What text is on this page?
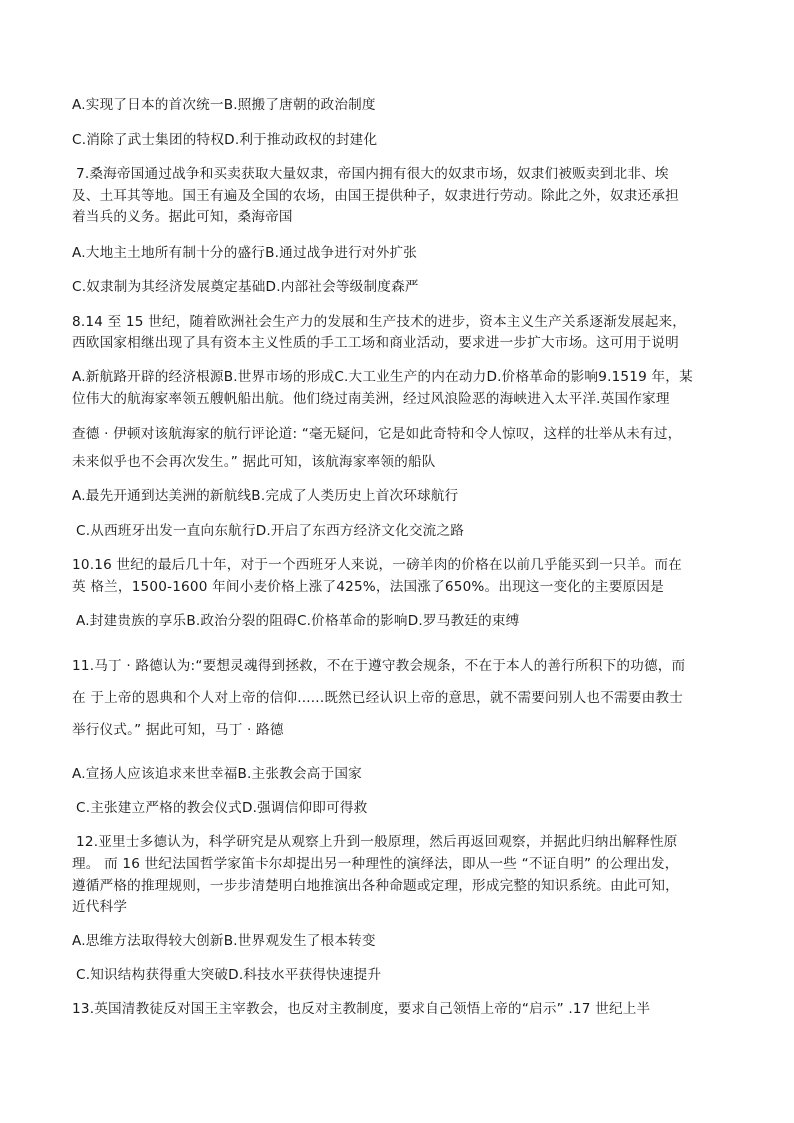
A.实现了日本的首次统一B.照搬了唐朝的政治制度
C.消除了武士集团的特权D.利于推动政权的封建化
7.桑海帝国通过战争和买卖获取大量奴隶，帝国内拥有很大的奴隶市场，奴隶们被贩卖到北非、埃
及、土耳其等地。国王有遍及全国的农场，由国王提供种子，奴隶进行劳动。除此之外，奴隶还承担
着当兵的义务。据此可知，桑海帝国
A.大地主土地所有制十分的盛行B.通过战争进行对外扩张
C.奴隶制为其经济发展奠定基础D.内部社会等级制度森严
8.14 至 15 世纪，随着欧洲社会生产力的发展和生产技术的进步，资本主义生产关系逐渐发展起来，
西欧国家相继出现了具有资本主义性质的手工工场和商业活动，要求进一步扩大市场。这可用于说明
A.新航路开辟的经济根源B.世界市场的形成C.大工业生产的内在动力D.价格革命的影响9.1519 年，某
位伟大的航海家率领五艘帆船出航。他们绕过南美洲，经过风浪险恶的海峡进入太平洋.英国作家理
查德 · 伊顿对该航海家的航行评论道: “毫无疑问，它是如此奇特和令人惊叹，这样的壮举从未有过，
未来似乎也不会再次发生。” 据此可知，该航海家率领的船队
A.最先开通到达美洲的新航线B.完成了人类历史上首次环球航行
C.从西班牙出发一直向东航行D.开启了东西方经济文化交流之路
10.16 世纪的最后几十年，对于一个西班牙人来说，一磅羊肉的价格在以前几乎能买到一只羊。而在
英 格兰，1500-1600 年间小麦价格上涨了425%，法国涨了650%。出现这一变化的主要原因是
A.封建贵族的享乐B.政治分裂的阻碍C.价格革命的影响D.罗马教廷的束缚
11.马丁 · 路德认为:“要想灵魂得到拯救，不在于遵守教会规条，不在于本人的善行所积下的功德，而
在 于上帝的恩典和个人对上帝的信仰......既然已经认识上帝的意思，就不需要问别人也不需要由教士
举行仪式。” 据此可知，马丁 · 路德
A.宣扬人应该追求来世幸福B.主张教会高于国家
C.主张建立严格的教会仪式D.强调信仰即可得救
12.亚里士多德认为，科学研究是从观察上升到一般原理，然后再返回观察，并据此归纳出解释性原
理。 而 16 世纪法国哲学家笛卡尔却提出另一种理性的演绎法，即从一些 “不证自明” 的公理出发，
遵循严格的推理规则，一步步清楚明白地推演出各种命题或定理，形成完整的知识系统。由此可知，
近代科学
A.思维方法取得较大创新B.世界观发生了根本转变
C.知识结构获得重大突破D.科技水平获得快速提升
13.英国清教徒反对国王主宰教会，也反对主教制度，要求自己领悟上帝的“启示” .17 世纪上半
